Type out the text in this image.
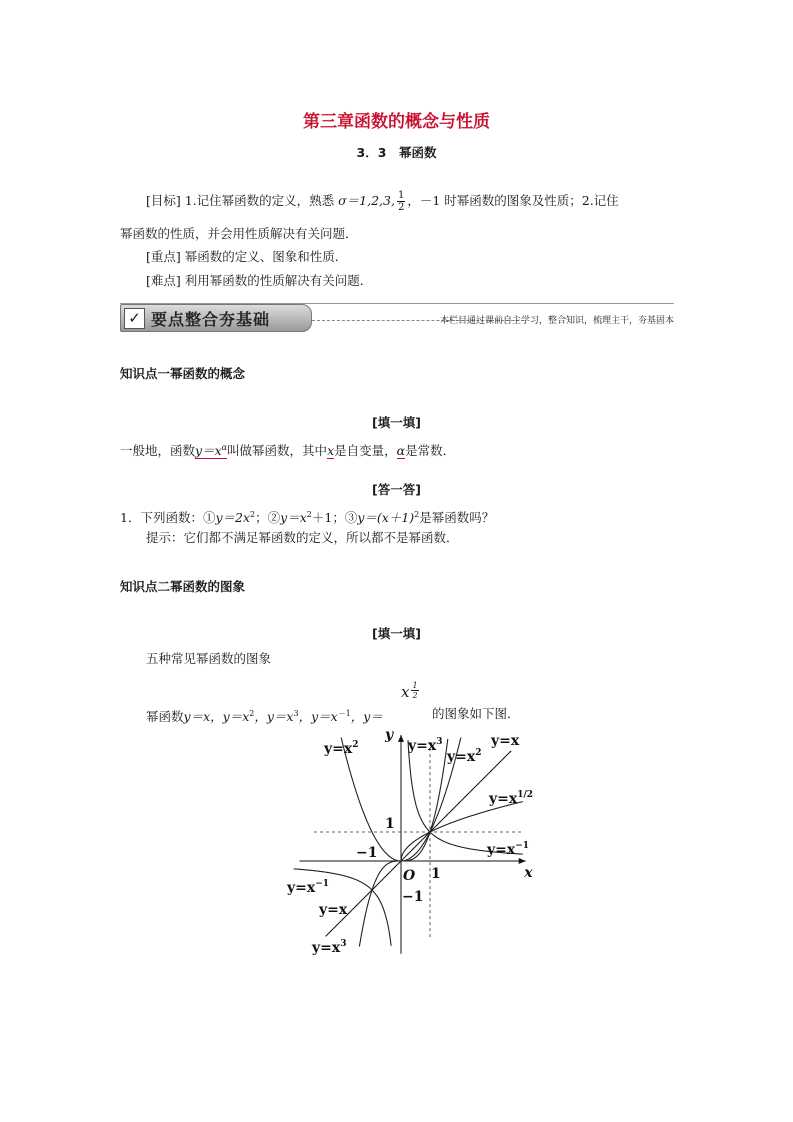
第三章函数的概念与性质
3．3　幂函数
[目标] 1.记住幂函数的定义，熟悉 σ＝1,2,3, $\frac{1}{2}$ ，－1 时幂函数的图象及性质；2.记住
幂函数的性质，并会用性质解决有关问题．
[重点] 幂函数的定义、图象和性质．
[难点] 利用幂函数的性质解决有关问题．
✓ 要点整合夯基础	本栏目通过课前自主学习，整合知识，梳理主干，夯基固本
知识点一幂函数的概念
[填一填]
一般地，函数$y=x^\alpha$叫做幂函数，其中x是自变量，α是常数．
[答一答]
1．下列函数：$①y=2x^2$；$②y=x^2+1$；$③y=(x+1)^2$是幂函数吗？
提示：它们都不满足幂函数的定义，所以都不是幂函数．
知识点二幂函数的图象
[填一填]
五种常见幂函数的图象
幂函数y＝x，$y=x^2$，$y=x^3$，$y=x^{-1}$，y＝
x $\frac{1}{2}$
的图象如下图．
x
y
O 1
−1
1
−1
$y=x^2$	$y=x^3$
$y=x^2$
y=x
$y=x^{1/2}$
$y=x^{-1}$
$y=x^{-1}$
y=x
$y=x^3$
